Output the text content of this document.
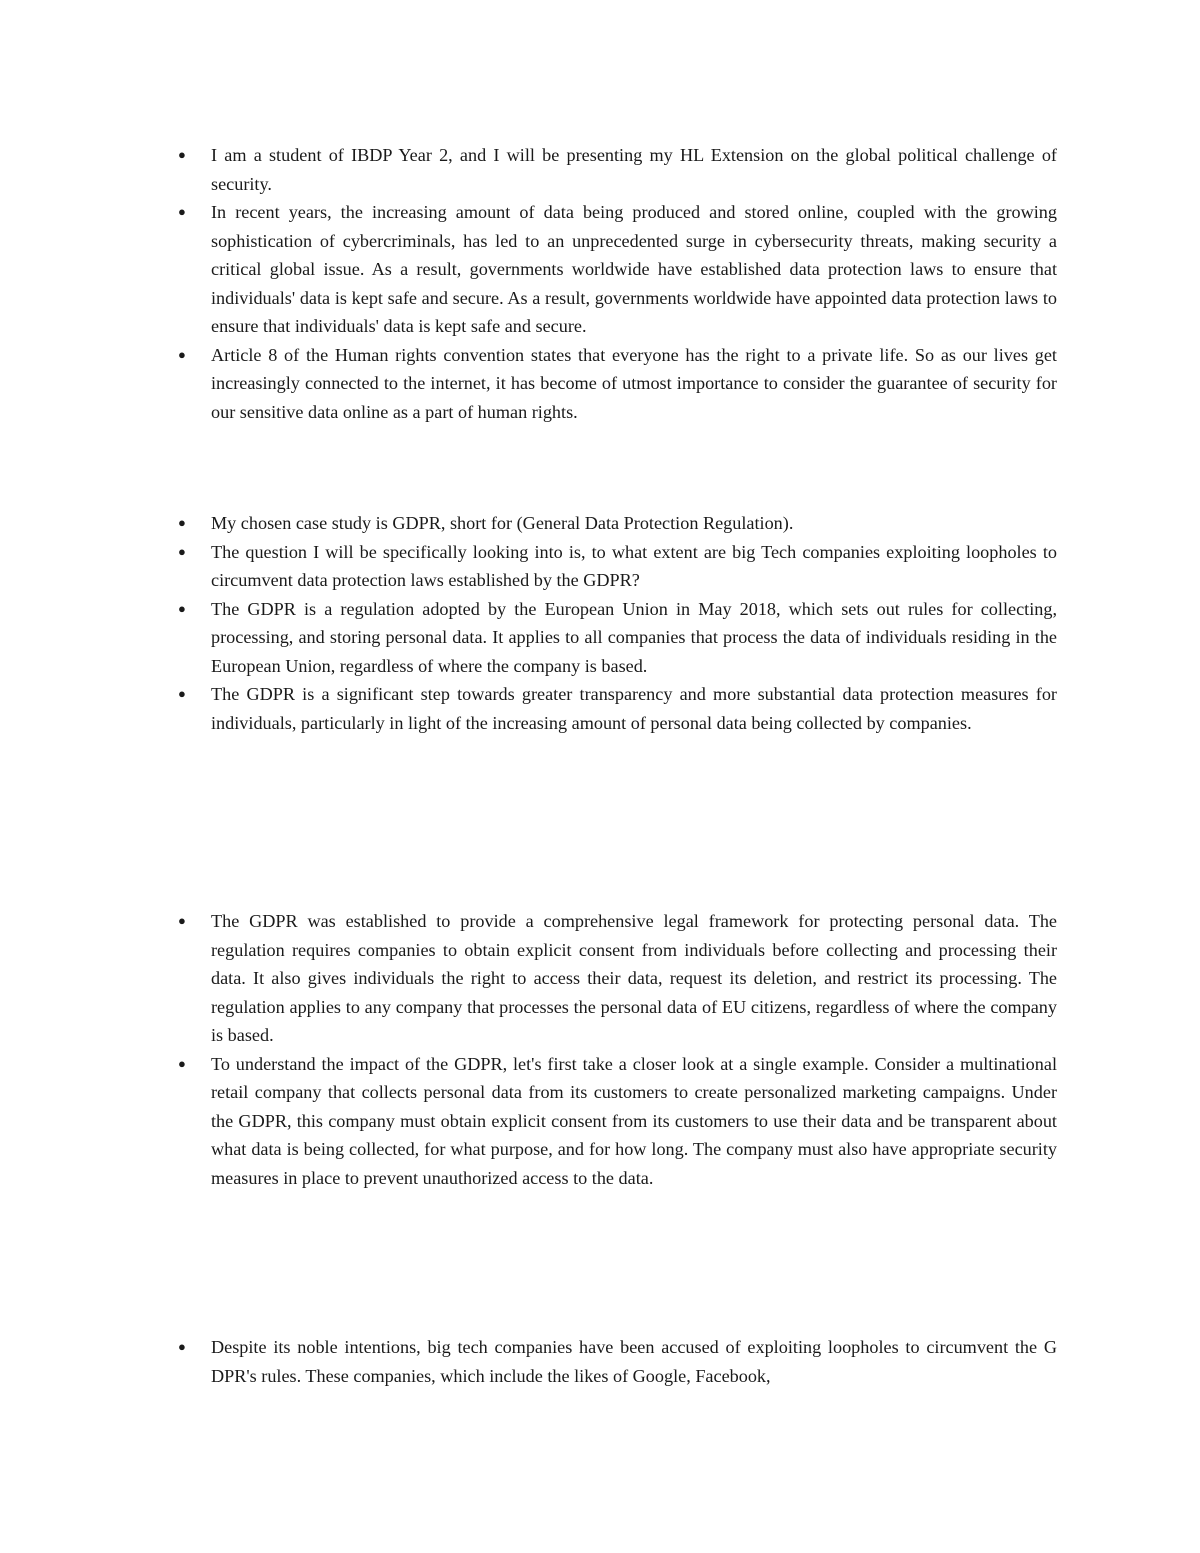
● I am a student of IBDP Year 2, and I will be presenting my HL Extension on the global political challenge of security.
● In recent years, the increasing amount of data being produced and stored online, coupled with the growing sophistication of cybercriminals, has led to an unprecedented surge in cybersecurity threats, making security a critical global issue. As a result, governments worldwide have established data protection laws to ensure that individuals' data is kept safe and secure. As a result, governments worldwide have appointed data protection laws to ensure that individuals' data is kept safe and secure.
● Article 8 of the Human rights convention states that everyone has the right to a private life. So as our lives get increasingly connected to the internet, it has become of utmost importance to consider the guarantee of security for our sensitive data online as a part of human rights.
● My chosen case study is GDPR, short for (General Data Protection Regulation).
● The question I will be specifically looking into is, to what extent are big Tech companies exploiting loopholes to circumvent data protection laws established by the GDPR?
● The GDPR is a regulation adopted by the European Union in May 2018, which sets out rules for collecting, processing, and storing personal data. It applies to all companies that process the data of individuals residing in the European Union, regardless of where the company is based.
● The GDPR is a significant step towards greater transparency and more substantial data protection measures for individuals, particularly in light of the increasing amount of personal data being collected by companies.
● The GDPR was established to provide a comprehensive legal framework for protecting personal data. The regulation requires companies to obtain explicit consent from individuals before collecting and processing their data. It also gives individuals the right to access their data, request its deletion, and restrict its processing. The regulation applies to any company that processes the personal data of EU citizens, regardless of where the company is based.
● To understand the impact of the GDPR, let's first take a closer look at a single example. Consider a multinational retail company that collects personal data from its customers to create personalized marketing campaigns. Under the GDPR, this company must obtain explicit consent from its customers to use their data and be transparent about what data is being collected, for what purpose, and for how long. The company must also have appropriate security measures in place to prevent unauthorized access to the data.
● Despite its noble intentions, big tech companies have been accused of exploiting loopholes to circumvent the G DPR's rules. These companies, which include the likes of Google, Facebook,
